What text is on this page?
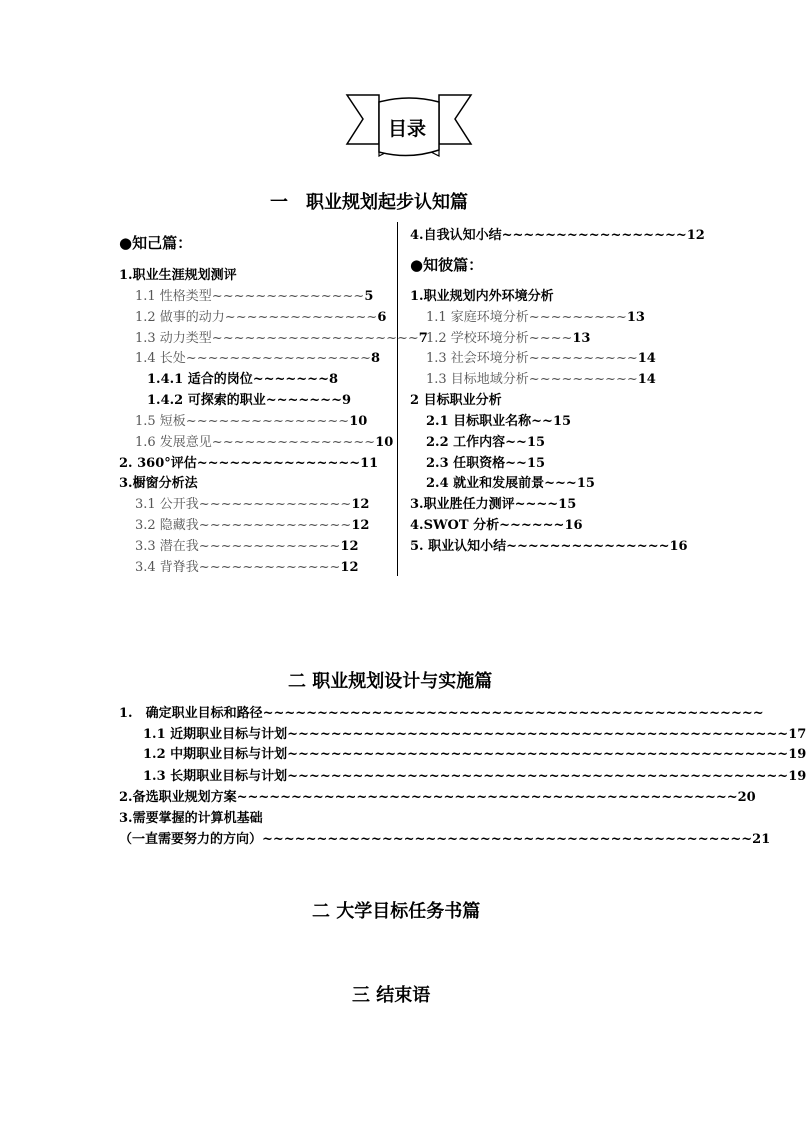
目录
一　职业规划起步认知篇
●知己篇：
1.职业生涯规划测评
1.1 性格类型~~~~~~~~~~~~~~5
1.2 做事的动力~~~~~~~~~~~~~~6
1.3 动力类型~~~~~~~~~~~~~~~~~~~7
1.4 长处~~~~~~~~~~~~~~~~~8
1.4.1 适合的岗位~~~~~~~8
1.4.2 可探索的职业~~~~~~~9
1.5 短板~~~~~~~~~~~~~~~10
1.6 发展意见~~~~~~~~~~~~~~~10
2. 360°评估~~~~~~~~~~~~~~~11
3.橱窗分析法
3.1 公开我~~~~~~~~~~~~~~12
3.2 隐藏我~~~~~~~~~~~~~~12
3.3 潜在我~~~~~~~~~~~~~12
3.4 背脊我~~~~~~~~~~~~~12
4.自我认知小结~~~~~~~~~~~~~~~~~12
●知彼篇：
1.职业规划内外环境分析
1.1 家庭环境分析~~~~~~~~~13
1.2 学校环境分析~~~~13
1.3 社会环境分析~~~~~~~~~~14
1.3 目标地域分析~~~~~~~~~~14
2 目标职业分析
2.1 目标职业名称~~15
2.2 工作内容~~15
2.3 任职资格~~15
2.4 就业和发展前景~~~15
3.职业胜任力测评~~~~15
4.SWOT 分析~~~~~~16
5. 职业认知小结~~~~~~~~~~~~~~~16
二 职业规划设计与实施篇
1.　确定职业目标和路径~~~~~~~~~~~~~~~~~~~~~~~~~~~~~~~~~~~~~~~~~~~~~~
1.1 近期职业目标与计划~~~~~~~~~~~~~~~~~~~~~~~~~~~~~~~~~~~~~~~~~~~~~~17
1.2 中期职业目标与计划~~~~~~~~~~~~~~~~~~~~~~~~~~~~~~~~~~~~~~~~~~~~~~19
1.3 长期职业目标与计划~~~~~~~~~~~~~~~~~~~~~~~~~~~~~~~~~~~~~~~~~~~~~~19
2.备选职业规划方案~~~~~~~~~~~~~~~~~~~~~~~~~~~~~~~~~~~~~~~~~~~~~~20
3.需要掌握的计算机基础
（一直需要努力的方向）~~~~~~~~~~~~~~~~~~~~~~~~~~~~~~~~~~~~~~~~~~~~~21
二 大学目标任务书篇
三 结束语
